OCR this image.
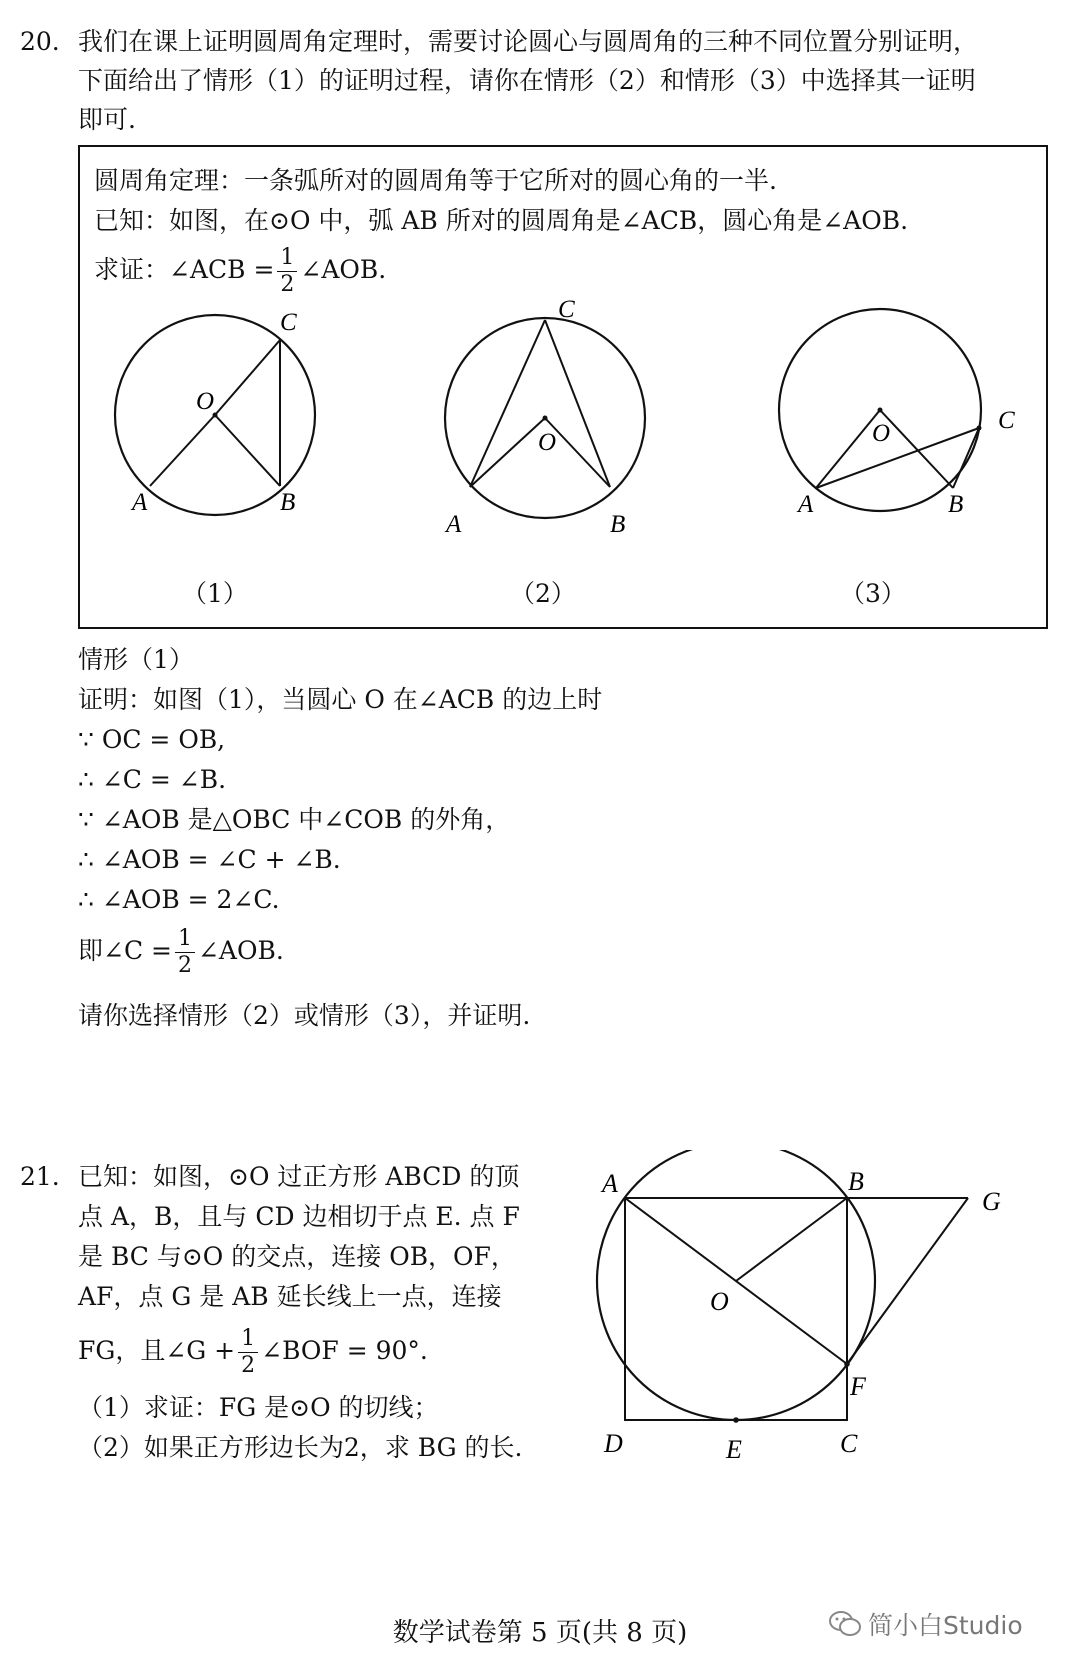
20. 我们在课上证明圆周角定理时，需要讨论圆心与圆周角的三种不同位置分别证明，
下面给出了情形（1）的证明过程，请你在情形（2）和情形（3）中选择其一证明
即可.
圆周角定理：一条弧所对的圆周角等于它所对的圆心角的一半.
已知：如图，在⊙O 中，弧 AB 所对的圆周角是∠ACB，圆心角是∠AOB.
求证：∠ACB = $\frac{1}{2}$ ∠AOB.
O
C
A	B
（1）
O
C
A	B
（2）
O	C
A	B
（3）
情形（1）
证明：如图（1），当圆心 O 在∠ACB 的边上时
∵ OC = OB,
∴ ∠C = ∠B.
∵ ∠AOB 是△OBC 中∠COB 的外角，
∴ ∠AOB = ∠C + ∠B.
∴ ∠AOB = 2∠C.
即∠C = $\frac{1}{2}$ ∠AOB.
请你选择情形（2）或情形（3），并证明.
21. 已知：如图，⊙O 过正方形 ABCD 的顶
点 A，B，且与 CD 边相切于点 E. 点 F
是 BC 与⊙O 的交点，连接 OB，OF，
AF，点 G 是 AB 延长线上一点，连接
FG，且∠G + $\frac{1}{2}$ ∠BOF = 90°.
（1）求证：FG 是⊙O 的切线；
（2）如果正方形边长为2，求 BG 的长.
A	B
G
O
F
D	E	C
数学试卷第 5 页(共 8 页)	简小白Studio
